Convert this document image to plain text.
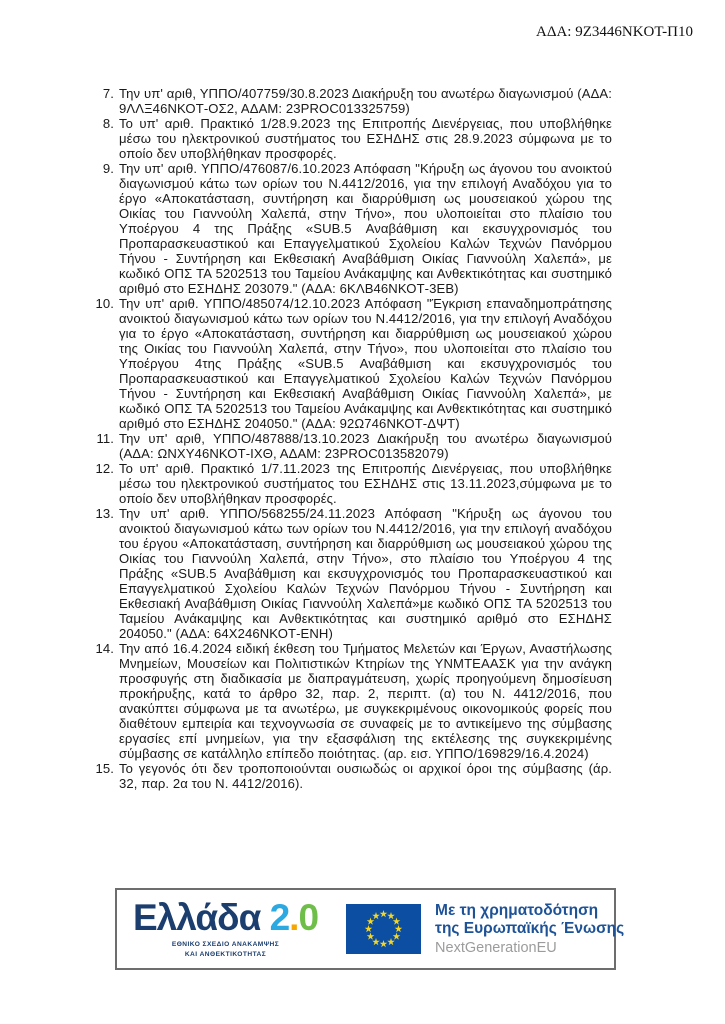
ΑΔΑ: 9Z3446NKOT-Π10
7. Την υπ' αριθ, ΥΠΠΟ/407759/30.8.2023 Διακήρυξη του ανωτέρω διαγωνισμού (ΑΔΑ: 9ΛΛΞ46ΝΚΟΤ-ΟΣ2, ΑΔΑΜ: 23PROC013325759)
8. Το υπ' αριθ. Πρακτικό 1/28.9.2023 της Επιτροπής Διενέργειας, που υποβλήθηκε μέσω του ηλεκτρονικού συστήματος του ΕΣΗΔΗΣ στις 28.9.2023 σύμφωνα με το οποίο δεν υποβλήθηκαν προσφορές.
9. Την υπ' αριθ. ΥΠΠΟ/476087/6.10.2023 Απόφαση "Κήρυξη ως άγονου του ανοικτού διαγωνισμού κάτω των ορίων του Ν.4412/2016, για την επιλογή Αναδόχου για το έργο «Αποκατάσταση, συντήρηση και διαρρύθμιση ως μουσειακού χώρου της Οικίας του Γιαννούλη Χαλεπά, στην Τήνο», που υλοποιείται στο πλαίσιο του Υποέργου 4 της Πράξης «SUB.5 Αναβάθμιση και εκσυγχρονισμός του Προπαρασκευαστικού και Επαγγελματικού Σχολείου Καλών Τεχνών Πανόρμου Τήνου - Συντήρηση και Εκθεσιακή Αναβάθμιση Οικίας Γιαννούλη Χαλεπά», με κωδικό ΟΠΣ ΤΑ 5202513 του Ταμείου Ανάκαμψης και Ανθεκτικότητας και συστημικό αριθμό στο ΕΣΗΔΗΣ 203079." (ΑΔΑ: 6ΚΛΒ46ΝΚΟΤ-3ΕΒ)
10. Την υπ' αριθ. ΥΠΠΟ/485074/12.10.2023 Απόφαση "Έγκριση επαναδημοπράτησης ανοικτού διαγωνισμού κάτω των ορίων του Ν.4412/2016, για την επιλογή Αναδόχου για το έργο «Αποκατάσταση, συντήρηση και διαρρύθμιση ως μουσειακού χώρου της Οικίας του Γιαννούλη Χαλεπά, στην Τήνο», που υλοποιείται στο πλαίσιο του Υποέργου 4της Πράξης «SUB.5 Αναβάθμιση και εκσυγχρονισμός του Προπαρασκευαστικού και Επαγγελματικού Σχολείου Καλών Τεχνών Πανόρμου Τήνου - Συντήρηση και Εκθεσιακή Αναβάθμιση Οικίας Γιαννούλη Χαλεπά», με κωδικό ΟΠΣ ΤΑ 5202513 του Ταμείου Ανάκαμψης και Ανθεκτικότητας και συστημικό αριθμό στο ΕΣΗΔΗΣ 204050." (ΑΔΑ: 92Ω746ΝΚΟΤ-ΔΨΤ)
11. Την υπ' αριθ, ΥΠΠΟ/487888/13.10.2023 Διακήρυξη του ανωτέρω διαγωνισμού (ΑΔΑ: ΩΝΧΥ46ΝΚΟΤ-ΙΧΘ, ΑΔΑΜ: 23PROC013582079)
12. Το υπ' αριθ. Πρακτικό 1/7.11.2023 της Επιτροπής Διενέργειας, που υποβλήθηκε μέσω του ηλεκτρονικού συστήματος του ΕΣΗΔΗΣ στις 13.11.2023,σύμφωνα με το οποίο δεν υποβλήθηκαν προσφορές.
13. Την υπ' αριθ. ΥΠΠΟ/568255/24.11.2023 Απόφαση "Κήρυξη ως άγονου του ανοικτού διαγωνισμού κάτω των ορίων του Ν.4412/2016, για την επιλογή αναδόχου του έργου «Αποκατάσταση, συντήρηση και διαρρύθμιση ως μουσειακού χώρου της Οικίας του Γιαννούλη Χαλεπά, στην Τήνο», στο πλαίσιο του Υποέργου 4 της Πράξης «SUB.5 Αναβάθμιση και εκσυγχρονισμός του Προπαρασκευαστικού και Επαγγελματικού Σχολείου Καλών Τεχνών Πανόρμου Τήνου - Συντήρηση και Εκθεσιακή Αναβάθμιση Οικίας Γιαννούλη Χαλεπά»με κωδικό ΟΠΣ ΤΑ 5202513 του Ταμείου Ανάκαμψης και Ανθεκτικότητας και συστημικό αριθμό στο ΕΣΗΔΗΣ 204050." (ΑΔΑ: 64Χ246ΝΚΟΤ-ΕΝΗ)
14. Την από 16.4.2024 ειδική έκθεση του Τμήματος Μελετών και Έργων, Αναστήλωσης Μνημείων, Μουσείων και Πολιτιστικών Κτηρίων της ΥΝΜΤΕΑΑΣΚ για την ανάγκη προσφυγής στη διαδικασία με διαπραγμάτευση, χωρίς προηγούμενη δημοσίευση προκήρυξης, κατά το άρθρο 32, παρ. 2, περιπτ. (α) του Ν. 4412/2016, που ανακύπτει σύμφωνα με τα ανωτέρω, με συγκεκριμένους οικονομικούς φορείς που διαθέτουν εμπειρία και τεχνογνωσία σε συναφείς με το αντικείμενο της σύμβασης εργασίες επί μνημείων, για την εξασφάλιση της εκτέλεσης της συγκεκριμένης σύμβασης σε κατάλληλο επίπεδο ποιότητας. (αρ. εισ. ΥΠΠΟ/169829/16.4.2024)
15. Το γεγονός ότι δεν τροποποιούνται ουσιωδώς οι αρχικοί όροι της σύμβασης (άρ. 32, παρ. 2α του Ν. 4412/2016).
Ελλάδα 2.0
ΕΘΝΙΚΟ ΣΧΕΔΙΟ ΑΝΑΚΑΜΨΗΣ
ΚΑΙ ΑΝΘΕΚΤΙΚΟΤΗΤΑΣ
Με τη χρηματοδότηση
της Ευρωπαϊκής Ένωσης
NextGenerationEU
